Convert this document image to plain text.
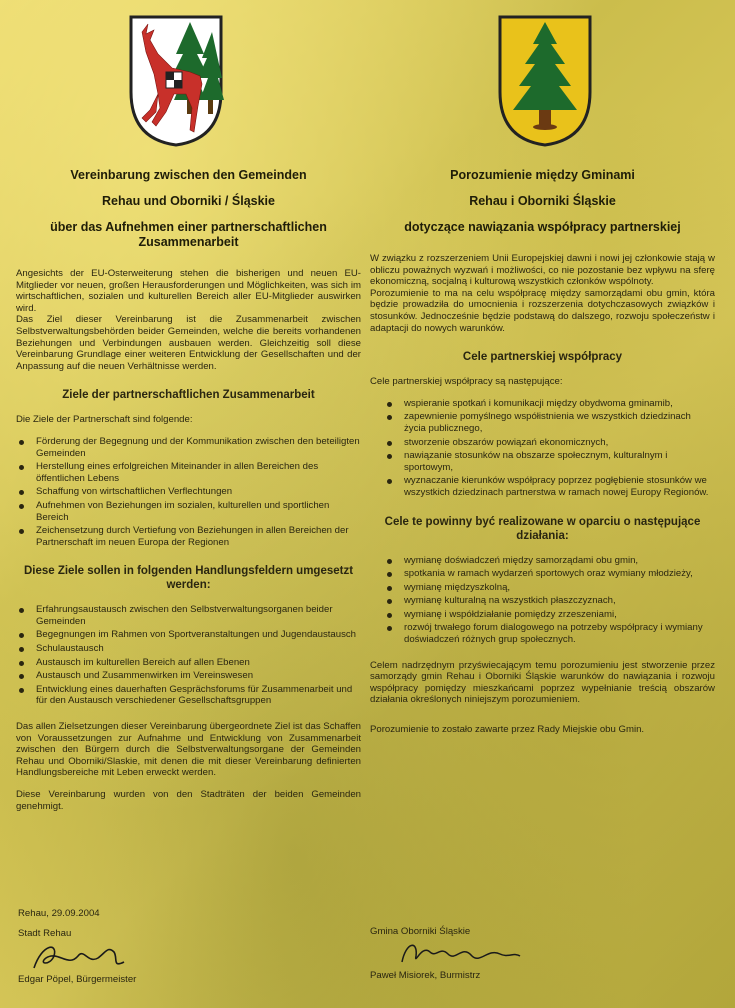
Vereinbarung zwischen den Gemeinden
Rehau und Oborniki / Śląskie
über das Aufnehmen einer partnerschaftlichen Zusammenarbeit
Angesichts der EU-Osterweiterung stehen die bisherigen und neuen EU-Mitglieder vor neuen, großen Herausforderungen und Möglichkeiten, was sich im wirtschaftlichen, sozialen und kulturellen Bereich aller EU-Mitglieder auswirken wird.
Das Ziel dieser Vereinbarung ist die Zusammenarbeit zwischen Selbstverwaltungsbehörden beider Gemeinden, welche die bereits vorhandenen Beziehungen und Verbindungen ausbauen werden. Gleichzeitig soll diese Vereinbarung Grundlage einer weiteren Entwicklung der Gesellschaften und der Anpassung auf die neuen Verhältnisse werden.
Ziele der partnerschaftlichen Zusammenarbeit
Die Ziele der Partnerschaft sind folgende:
Förderung der Begegnung und der Kommunikation zwischen den beteiligten Gemeinden
Herstellung eines erfolgreichen Miteinander in allen Bereichen des öffentlichen Lebens
Schaffung von wirtschaftlichen Verflechtungen
Aufnehmen von Beziehungen im sozialen, kulturellen und sportlichen Bereich
Zeichensetzung durch Vertiefung von Beziehungen in allen Bereichen der Partnerschaft im neuen Europa der Regionen
Diese Ziele sollen in folgenden Handlungsfeldern umgesetzt werden:
Erfahrungsaustausch zwischen den Selbstverwaltungsorganen beider Gemeinden
Begegnungen im Rahmen von Sportveranstaltungen und Jugendaustausch
Schulaustausch
Austausch im kulturellen Bereich auf allen Ebenen
Austausch und Zusammenwirken im Vereinswesen
Entwicklung eines dauerhaften Gesprächsforums für Zusammenarbeit und für den Austausch verschiedener Gesellschaftsgruppen
Das allen Zielsetzungen dieser Vereinbarung übergeordnete Ziel ist das Schaffen von Voraussetzungen zur Aufnahme und Entwicklung von Zusammenarbeit zwischen den Bürgern durch die Selbstverwaltungsorgane der Gemeinden Rehau und Oborniki/Slaskie, mit denen die mit dieser Vereinbarung definierten Handlungsbereiche mit Leben erweckt werden.
Diese Vereinbarung wurden von den Stadträten der beiden Gemeinden genehmigt.
Porozumienie między Gminami
Rehau i Oborniki Śląskie
dotyczące nawiązania współpracy partnerskiej
W związku z rozszerzeniem Unii Europejskiej dawni i nowi jej członkowie stają w obliczu poważnych wyzwań i możliwości, co nie pozostanie bez wpływu na sferę ekonomiczną, socjalną i kulturową wszystkich członków wspólnoty.
Porozumienie to ma na celu współpracę między samorządami obu gmin, która będzie prowadziła do umocnienia i rozszerzenia dotychczasowych związków i stosunków. Jednocześnie będzie podstawą do dalszego, rozwoju społeczeństw i adaptacji do nowych warunków.
Cele partnerskiej współpracy
Cele partnerskiej współpracy są następujące:
wspieranie spotkań i komunikacji między obydwoma gminamib,
zapewnienie pomyślnego współistnienia we wszystkich dziedzinach życia publicznego,
stworzenie obszarów powiązań ekonomicznych,
nawiązanie stosunków na obszarze społecznym, kulturalnym i sportowym,
wyznaczanie kierunków współpracy poprzez pogłębienie stosunków we wszystkich dziedzinach partnerstwa w ramach nowej Europy Regionów.
Cele te powinny być realizowane w oparciu o następujące działania:
wymianę doświadczeń między samorządami obu gmin,
spotkania w ramach wydarzeń sportowych oraz wymiany młodzieży,
wymianę międzyszkolną,
wymianę kulturalną na wszystkich płaszczyznach,
wymianę i współdziałanie pomiędzy zrzeszeniami,
rozwój trwałego forum dialogowego na potrzeby współpracy i wymiany doświadczeń różnych grup społecznych.
Celem nadrzędnym przyświecającym temu porozumieniu jest stworzenie przez samorządy gmin Rehau i Oborniki Śląskie warunków do nawiązania i rozwoju współpracy pomiędzy mieszkańcami poprzez wypełnianie treścią obszarów działania określonych niniejszym porozumieniem.
Porozumienie to zostało zawarte przez Rady Miejskie obu Gmin.
Rehau, 29.09.2004
Stadt Rehau
Edgar Pöpel, Bürgermeister
Gmina Oborniki Śląskie
Paweł Misiorek, Burmistrz
